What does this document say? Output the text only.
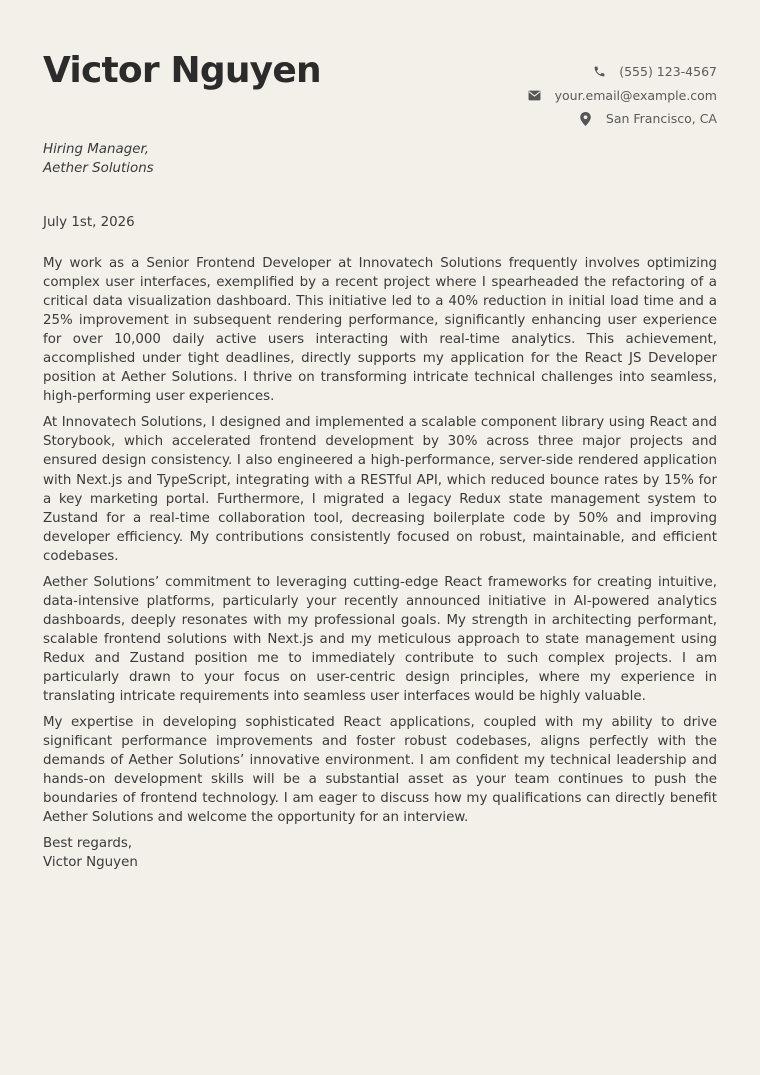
Victor Nguyen	(555) 123-4567
your.email@example.com
San Francisco, CA
Hiring Manager,
Aether Solutions
July 1st, 2026

My work as a Senior Frontend Developer at Innovatech Solutions frequently involves optimizing complex user interfaces, exemplified by a recent project where I spearheaded the refactoring of a critical data visualization dashboard. This initiative led to a 40% reduction in initial load time and a 25% improvement in subsequent rendering performance, significantly enhancing user experience for over 10,000 daily active users interacting with real-time analytics. This achievement, accomplished under tight deadlines, directly supports my application for the React JS Developer position at Aether Solutions. I thrive on transforming intricate technical challenges into seamless, high-performing user experiences.

At Innovatech Solutions, I designed and implemented a scalable component library using React and Storybook, which accelerated frontend development by 30% across three major projects and ensured design consistency. I also engineered a high-performance, server-side rendered application with Next.js and TypeScript, integrating with a RESTful API, which reduced bounce rates by 15% for a key marketing portal. Furthermore, I migrated a legacy Redux state management system to Zustand for a real-time collaboration tool, decreasing boilerplate code by 50% and improving developer efficiency. My contributions consistently focused on robust, maintainable, and efficient codebases.

Aether Solutions’ commitment to leveraging cutting-edge React frameworks for creating intuitive, data-intensive platforms, particularly your recently announced initiative in AI-powered analytics dashboards, deeply resonates with my professional goals. My strength in architecting performant, scalable frontend solutions with Next.js and my meticulous approach to state management using Redux and Zustand position me to immediately contribute to such complex projects. I am particularly drawn to your focus on user-centric design principles, where my experience in translating intricate requirements into seamless user interfaces would be highly valuable.

My expertise in developing sophisticated React applications, coupled with my ability to drive significant performance improvements and foster robust codebases, aligns perfectly with the demands of Aether Solutions’ innovative environment. I am confident my technical leadership and hands-on development skills will be a substantial asset as your team continues to push the boundaries of frontend technology. I am eager to discuss how my qualifications can directly benefit Aether Solutions and welcome the opportunity for an interview.

Best regards,
Victor Nguyen
